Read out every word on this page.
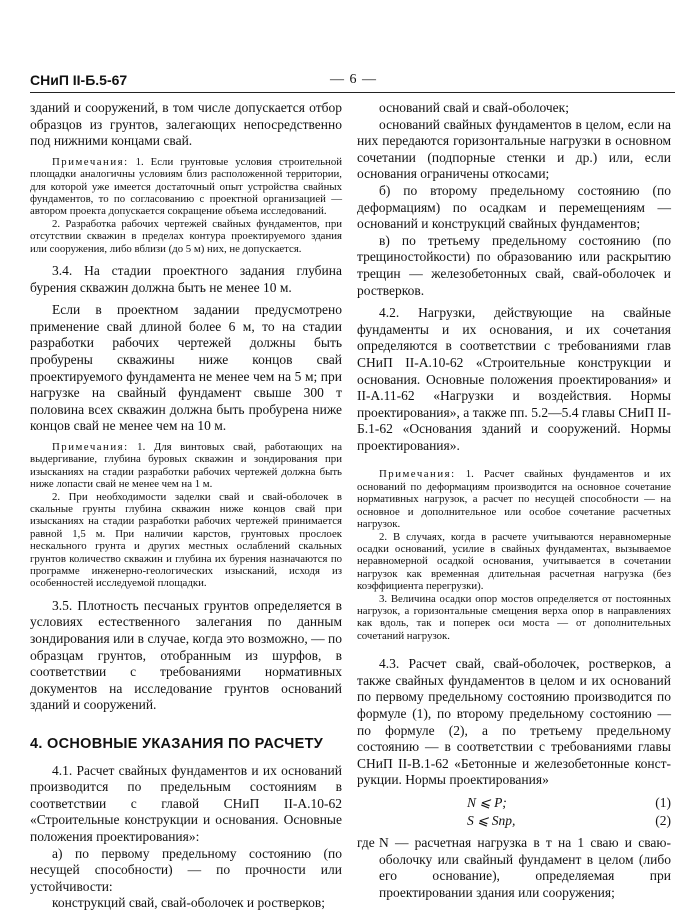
СНиП II-Б.5-67	— 6 —

зданий и сооружений, в том числе допускается отбор образцов из грунтов, залегающих непосредственно под нижними концами свай.

Примечания: 1. Если грунтовые условия строительной площадки аналогичны условиям близ расположенной территории, для которой уже имеется достаточный опыт устройства свайных фундаментов, то по согласованию с проектной организацией — автором проекта допускается сокращение объема исследований.

2. Разработка рабочих чертежей свайных фундаментов, при отсутствии скважин в пределах контура проектируемого здания или сооружения, либо вблизи (до 5 м) них, не допускается.

3.4. На стадии проектного задания глубина бурения скважин должна быть не менее 10 м.

Если в проектном задании предусмотрено применение свай длиной более 6 м, то на стадии разработки рабочих чертежей должны быть пробурены скважины ниже концов свай проектируемого фундамента не менее чем на 5 м; при нагрузке на свайный фундамент свыше 300 т половина всех скважин должна быть пробурена ниже концов свай не менее чем на 10 м.

Примечания: 1. Для винтовых свай, работающих на выдергивание, глубина буровых скважин и зондирования при изысканиях на стадии разработки рабочих чертежей должна быть ниже лопасти свай не менее чем на 1 м.

2. При необходимости заделки свай и свай-оболочек в скальные грунты глубина скважин ниже концов свай при изысканиях на стадии разработки рабочих чертежей принимается равной 1,5 м. При наличии карстов, грунтовых прослоек нескального грунта и других местных ослаблений скальных грунтов количество скважин и глубина их бурения назначаются по программе инженерно-геологических изысканий, исходя из особенностей исследуемой площадки.

3.5. Плотность песчаных грунтов определяется в условиях естественного залегания по данным зондирования или в случае, когда это возможно, — по образцам грунтов, отобранным из шурфов, в соответствии с требованиями нормативных документов на исследование грунтов оснований зданий и сооружений.

4. ОСНОВНЫЕ УКАЗАНИЯ ПО РАСЧЕТУ

4.1. Расчет свайных фундаментов и их оснований производится по предельным состояниям в соответствии с главой СНиП II-А.10-62 «Строительные конструкции и основания. Основные положения проектирования»:

а) по первому предельному состоянию (по несущей способности) — по прочности или устойчивости:

конструкций свай, свай-оболочек и ростверков;

оснований свай и свай-оболочек;

оснований свайных фундаментов в целом, если на них передаются горизонтальные нагрузки в основном сочетании (подпорные стенки и др.) или, если основания ограничены откосами;

б) по второму предельному состоянию (по деформациям) по осадкам и перемещениям — оснований и конструкций свайных фундаментов;

в) по третьему предельному состоянию (по трещиностойкости) по образованию или раскрытию трещин — железобетонных свай, свай-оболочек и ростверков.

4.2. Нагрузки, действующие на свайные фундаменты и их основания, и их сочетания определяются в соответствии с требованиями глав СНиП II-А.10-62 «Строительные конструкции и основания. Основные положения проектирования» и II-А.11-62 «Нагрузки и воздействия. Нормы проектирования», а также пп. 5.2—5.4 главы СНиП II-Б.1-62 «Основания зданий и сооружений. Нормы проектирования».

Примечания: 1. Расчет свайных фундаментов и их оснований по деформациям производится на основное сочетание нормативных нагрузок, а расчет по несущей способности — на основное и дополнительное или особое сочетание расчетных нагрузок.

2. В случаях, когда в расчете учитываются неравномерные осадки оснований, усилие в свайных фундаментах, вызываемое неравномерной осадкой основания, учитывается в сочетании нагрузок как временная длительная расчетная нагрузка (без коэффициента перегрузки).

3. Величина осадки опор мостов определяется от постоянных нагрузок, а горизонтальные смещения верха опор в направлениях как вдоль, так и поперек оси моста — от дополнительных сочетаний нагрузок.

4.3. Расчет свай, свай-оболочек, ростверков, а также свайных фундаментов в целом и их оснований по первому предельному состоянию производится по формуле (1), по второму предельному состоянию — по формуле (2), а по третьему предельному состоянию — в соответствии с требованиями главы СНиП II-В.1-62 «Бетонные и железобетонные конструкции. Нормы проектирования»

N ⩽ P;	(1)
S ⩽ Sпр,	(2)
где N — расчетная нагрузка в т на 1 сваю и сваю-оболочку или свайный фундамент в целом (либо его основание), определяемая при проектировании здания или сооружения;
